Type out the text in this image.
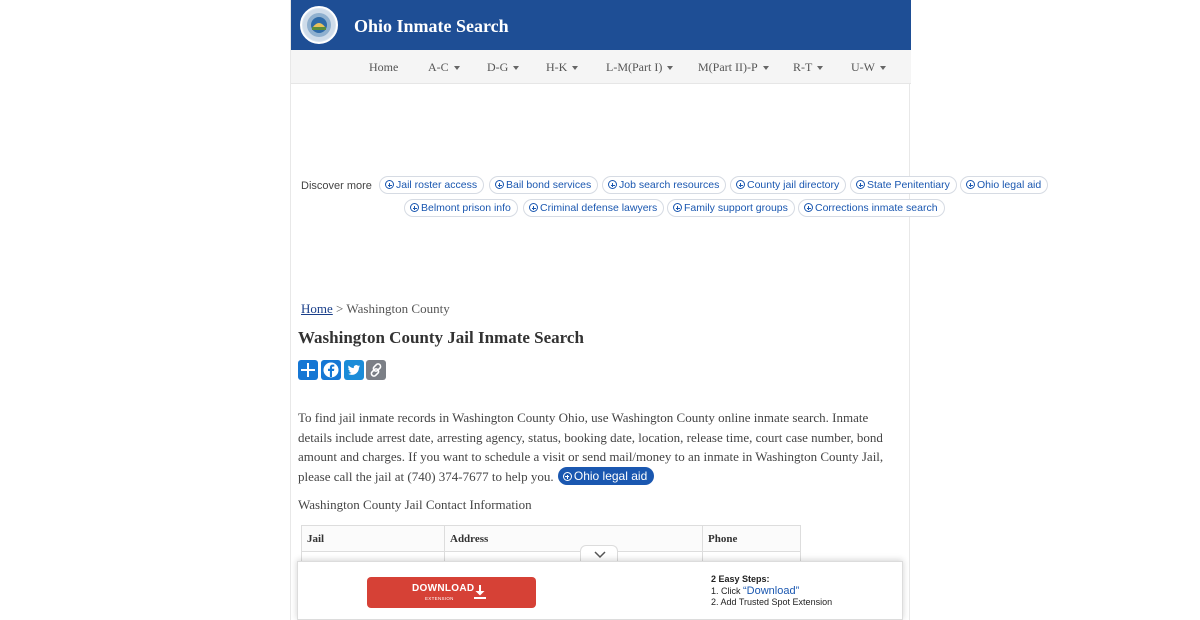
Ohio Inmate Search
Home A-C	D-G	H-K	L-M(Part I)	M(Part II)-P	R-T	U-W
Discover more	Jail roster access	Bail bond services	Job search resources	County jail directory	State Penitentiary
Belmont prison info	Criminal defense lawyers	Family support groups	Corrections inmate search
Home > Washington County
Washington County Jail Inmate Search
To find jail inmate records in Washington County Ohio, use Washington County online inmate search. Inmate details include arrest date, arresting agency, status, booking date, location, release time, court case number, bond amount and charges. If you want to schedule a visit or send mail/money to an inmate in Washington County Jail, please call the jail at (740) 374-7677 to help you. Ohio legal aid
Washington County Jail Contact Information
Jail	Address	Phone

Ohio legal aid
DOWNLOAD
EXTENSION
2 Easy Steps:
1. Click “Download”
2. Add Trusted Spot Extension
